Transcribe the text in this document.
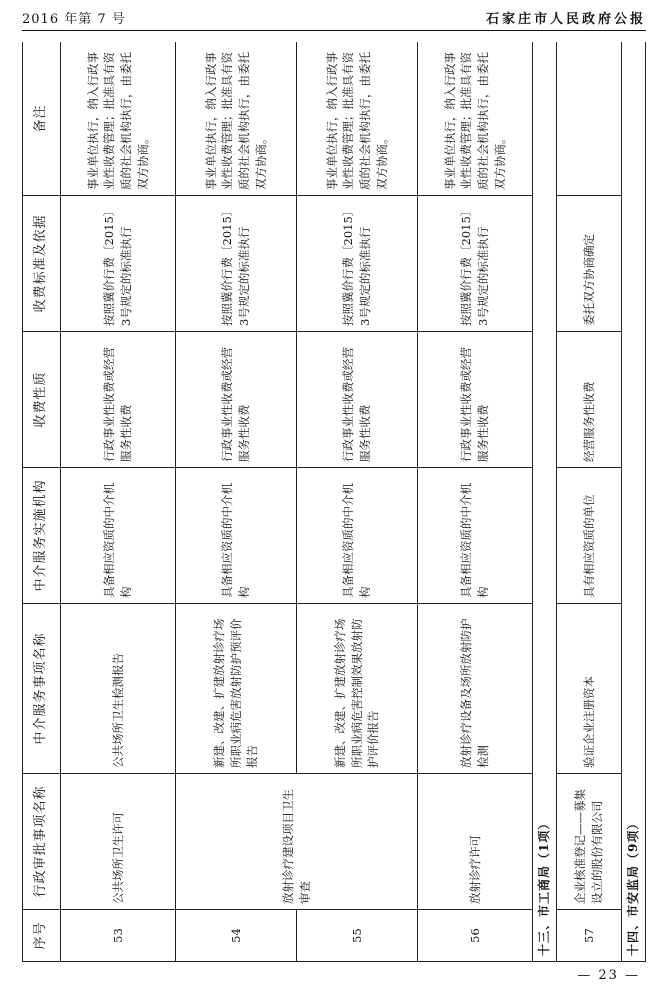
2016 年第 7 号	石家庄市人民政府公报
序号	行政审批事项名称	中介服务事项名称	中介服务实施机构	收费性质	收费标准及依据	备注
53	公共场所卫生许可	公共场所卫生检测报告	具备相应资质的中介机构	行政事业性收费或经营服务性收费	按照冀价行费〔2015〕3号规定的标准执行	事业单位执行，纳入行政事业性收费管理；批准具有资质的社会机构执行，由委托双方协商。
54	放射诊疗建设项目卫生审查	新建、改建、扩建放射诊疗场所职业病危害放射防护预评价报告	具备相应资质的中介机构	行政事业性收费或经营服务性收费	按照冀价行费〔2015〕3号规定的标准执行	事业单位执行，纳入行政事业性收费管理；批准具有资质的社会机构执行，由委托双方协商。
55		新建、改建、扩建放射诊疗场所职业病危害控制效果放射防护评价报告	具备相应资质的中介机构	行政事业性收费或经营服务性收费	按照冀价行费〔2015〕3号规定的标准执行	事业单位执行，纳入行政事业性收费管理；批准具有资质的社会机构执行，由委托双方协商。
56	放射诊疗许可	放射诊疗设备及场所放射防护检测	具备相应资质的中介机构	行政事业性收费或经营服务性收费	按照冀价行费〔2015〕3号规定的标准执行	事业单位执行，纳入行政事业性收费管理；批准具有资质的社会机构执行，由委托双方协商。
十三、市工商局（1项）						
57	企业核准登记——募集设立的股份有限公司	验证企业注册资本	具有相应资质的单位	经营服务性收费	委托双方协商确定	
十四、市安监局（9项）						
— 23 —
